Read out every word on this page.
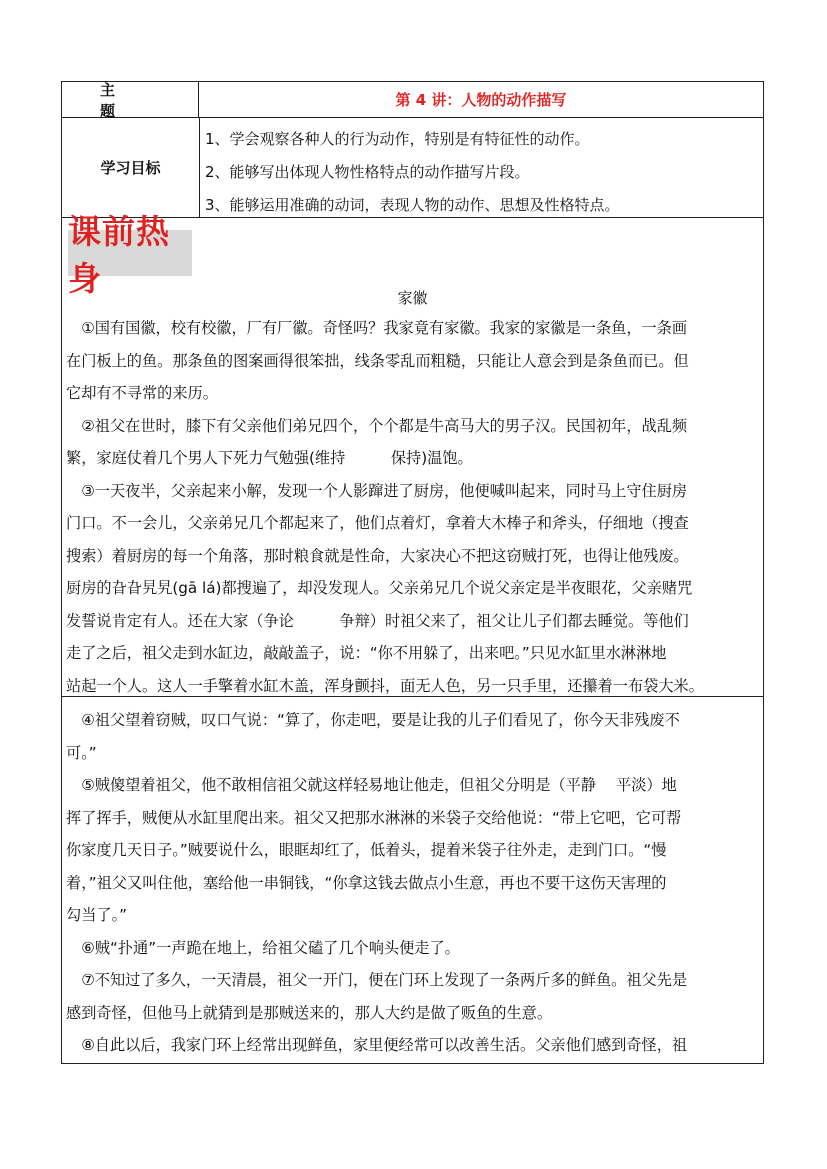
主题
第 4 讲：人物的动作描写
学习目标
1、学会观察各种人的行为动作，特别是有特征性的动作。
2、能够写出体现人物性格特点的动作描写片段。
3、能够运用准确的动词，表现人物的动作、思想及性格特点。
课前热身	家徽
　①国有国徽，校有校徽，厂有厂徽。奇怪吗？我家竟有家徽。我家的家徽是一条鱼，一条画
在门板上的鱼。那条鱼的图案画得很笨拙，线条零乱而粗糙，只能让人意会到是条鱼而已。但
它却有不寻常的来历。
　②祖父在世时，膝下有父亲他们弟兄四个，个个都是牛高马大的男子汉。民国初年，战乱频
繁，家庭仗着几个男人下死力气勉强(维持　　　保持)温饱。
　③一天夜半，父亲起来小解，发现一个人影蹿进了厨房，他便喊叫起来，同时马上守住厨房
门口。不一会儿，父亲弟兄几个都起来了，他们点着灯，拿着大木棒子和斧头，仔细地（搜查
搜索）着厨房的每一个角落，那时粮食就是性命，大家决心不把这窃贼打死，也得让他残废。
厨房的旮旮旯旯(gā lá)都搜遍了，却没发现人。父亲弟兄几个说父亲定是半夜眼花，父亲赌咒
发誓说肯定有人。还在大家（争论　　　争辩）时祖父来了，祖父让儿子们都去睡觉。等他们
走了之后，祖父走到水缸边，敲敲盖子，说：“你不用躲了，出来吧。”只见水缸里水淋淋地
站起一个人。这人一手擎着水缸木盖，浑身颤抖，面无人色，另一只手里，还攥着一布袋大米。
　④祖父望着窃贼，叹口气说：“算了，你走吧，要是让我的儿子们看见了，你今天非残废不
可。”
　⑤贼傻望着祖父，他不敢相信祖父就这样轻易地让他走，但祖父分明是（平静　 平淡）地
挥了挥手，贼便从水缸里爬出来。祖父又把那水淋淋的米袋子交给他说：“带上它吧，它可帮
你家度几天日子。”贼要说什么，眼眶却红了，低着头，提着米袋子往外走，走到门口。“慢
着，”祖父又叫住他，塞给他一串铜钱，“你拿这钱去做点小生意，再也不要干这伤天害理的
勾当了。”
　⑥贼“扑通”一声跪在地上，给祖父磕了几个响头便走了。
　⑦不知过了多久，一天清晨，祖父一开门，便在门环上发现了一条两斤多的鲜鱼。祖父先是
感到奇怪，但他马上就猜到是那贼送来的，那人大约是做了贩鱼的生意。
　⑧自此以后，我家门环上经常出现鲜鱼，家里便经常可以改善生活。父亲他们感到奇怪，祖
